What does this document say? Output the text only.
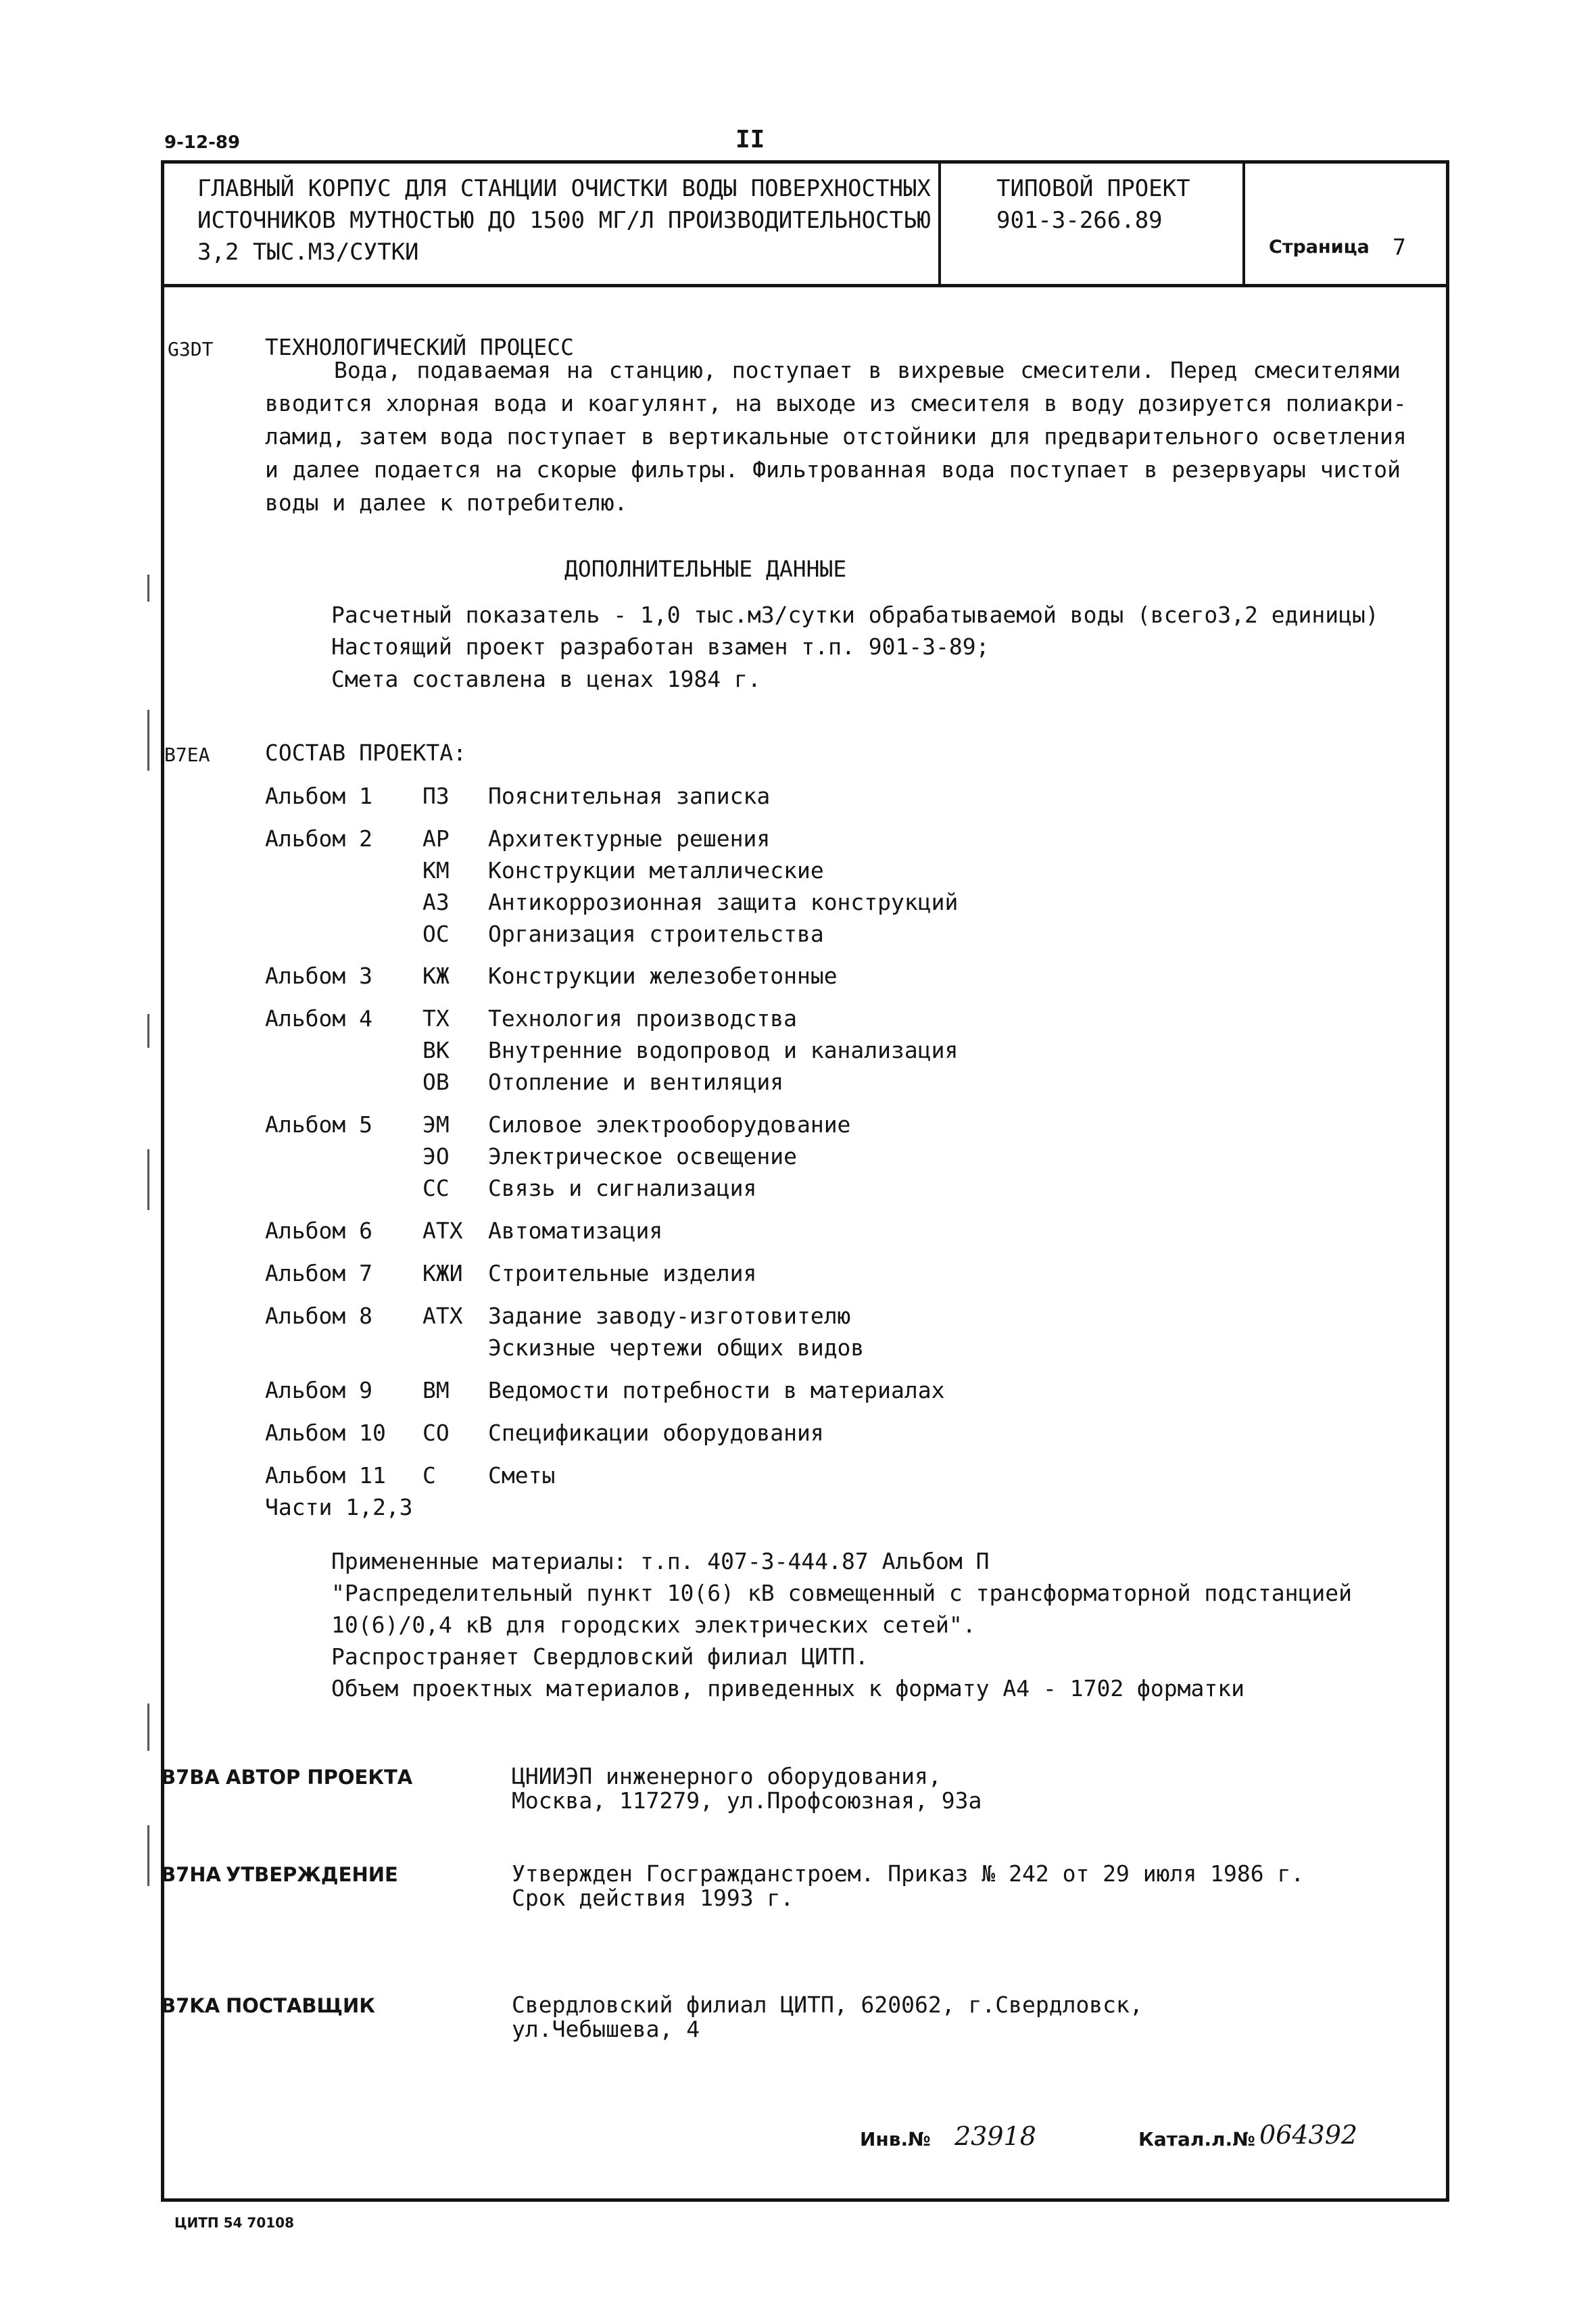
9-12-89	II
ГЛАВНЫЙ КОРПУС ДЛЯ СТАНЦИИ ОЧИСТКИ ВОДЫ ПОВЕРХНОСТНЫХ
ИСТОЧНИКОВ МУТНОСТЬЮ ДО 1500 МГ/Л ПРОИЗВОДИТЕЛЬНОСТЬЮ
3,2 ТЫС.М3/СУТКИ
ТИПОВОЙ ПРОЕКТ
901-3-266.89
Страница 7
G3DT ТЕХНОЛОГИЧЕСКИЙ ПРОЦЕСС
Вода, подаваемая на станцию, поступает в вихревые смесители. Перед смесителями
вводится хлорная вода и коагулянт, на выходе из смесителя в воду дозируется полиакри-
ламид, затем вода поступает в вертикальные отстойники для предварительного осветления
и далее подается на скорые фильтры. Фильтрованная вода поступает в резервуары чистой
воды и далее к потребителю.
ДОПОЛНИТЕЛЬНЫЕ ДАННЫЕ
Расчетный показатель - 1,0 тыс.м3/сутки обрабатываемой воды (всего3,2 единицы)
Настоящий проект разработан взамен т.п. 901-3-89;
Смета составлена в ценах 1984 г.
B7EA СОСТАВ ПРОЕКТА:
Альбом 1 ПЗ Пояснительная записка
Альбом 2 АР Архитектурные решения
КМ Конструкции металлические
АЗ Антикоррозионная защита конструкций
ОС Организация строительства
Альбом 3 КЖ Конструкции железобетонные
Альбом 4 ТХ Технология производства
ВК Внутренние водопровод и канализация
ОВ Отопление и вентиляция
Альбом 5 ЭМ Силовое электрооборудование
ЭО Электрическое освещение
СС Связь и сигнализация
Альбом 6 АТХ Автоматизация
Альбом 7 КЖИ Строительные изделия
Альбом 8 АТХ Задание заводу-изготовителю
Эскизные чертежи общих видов
Альбом 9 ВМ Ведомости потребности в материалах
Альбом 10 СО Спецификации оборудования
Альбом 11 С Сметы
Части 1,2,3
Примененные материалы: т.п. 407-3-444.87 Альбом П
"Распределительный пункт 10(6) кВ совмещенный с трансформаторной подстанцией
10(6)/0,4 кВ для городских электрических сетей".
Распространяет Свердловский филиал ЦИТП.
Объем проектных материалов, приведенных к формату А4 - 1702 форматки
B7BA АВТОР ПРОЕКТА	ЦНИИЭП инженерного оборудования,
Москва, 117279, ул.Профсоюзная, 93а
B7HA УТВЕРЖДЕНИЕ	Утвержден Госгражданстроем. Приказ № 242 от 29 июля 1986 г.
Срок действия 1993 г.
B7KA ПОСТАВЩИК	Свердловский филиал ЦИТП, 620062, г.Свердловск,
ул.Чебышева, 4
Инв.№ 23918	Катал.л.№ 064392
ЦИТП 54 70108
